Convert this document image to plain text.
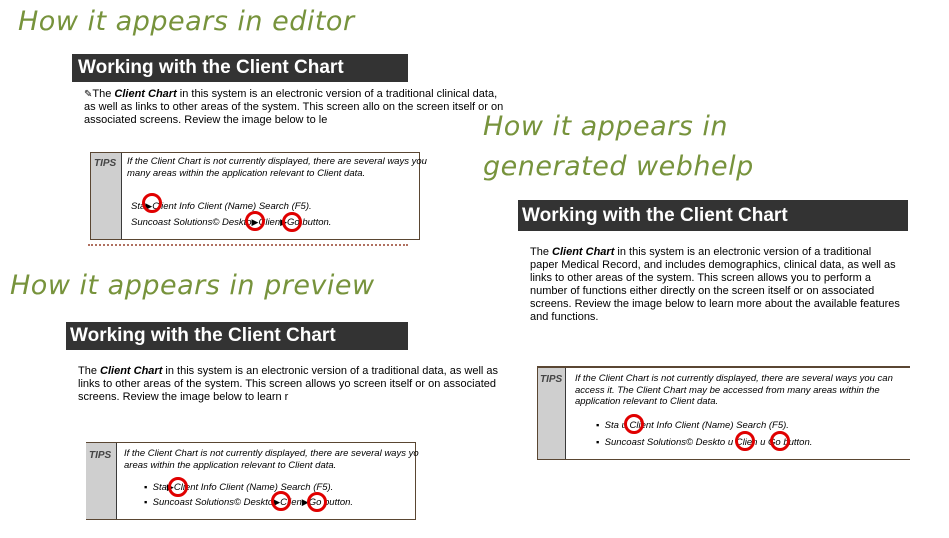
How it appears in editor
How it appears in preview
How it appears in
generated webhelp
Working with the Client Chart
✎The Client Chart in this system is an electronic version of a traditional clinical data, as well as links to other areas of the system. This screen allo on the screen itself or on associated screens. Review the image below to le
TIPS If the Client Chart is not currently displayed, there are several ways you many areas within the application relevant to Client data.
Sta▶Client Info Client (Name) Search (F5).
Suncoast Solutions© Deskto▶Clien▶Go button.
Working with the Client Chart
The Client Chart in this system is an electronic version of a traditional data, as well as links to other areas of the system. This screen allows yo screen itself or on associated screens. Review the image below to learn r
TIPS If the Client Chart is not currently displayed, there are several ways yo areas within the application relevant to Client data.
▪ Sta▶Client Info Client (Name) Search (F5).
▪ Suncoast Solutions© Deskto▶Clien▶Go button.
Working with the Client Chart
The Client Chart in this system is an electronic version of a traditional paper Medical Record, and includes demographics, clinical data, as well as links to other areas of the system. This screen allows you to perform a number of functions either directly on the screen itself or on associated screens. Review the image below to learn more about the available features and functions.
TIPS If the Client Chart is not currently displayed, there are several ways you can access it. The Client Chart may be accessed from many areas within the application relevant to Client data.
▪ Sta u Client Info Client (Name) Search (F5).
▪ Suncoast Solutions© Deskto u Clien u Go button.
